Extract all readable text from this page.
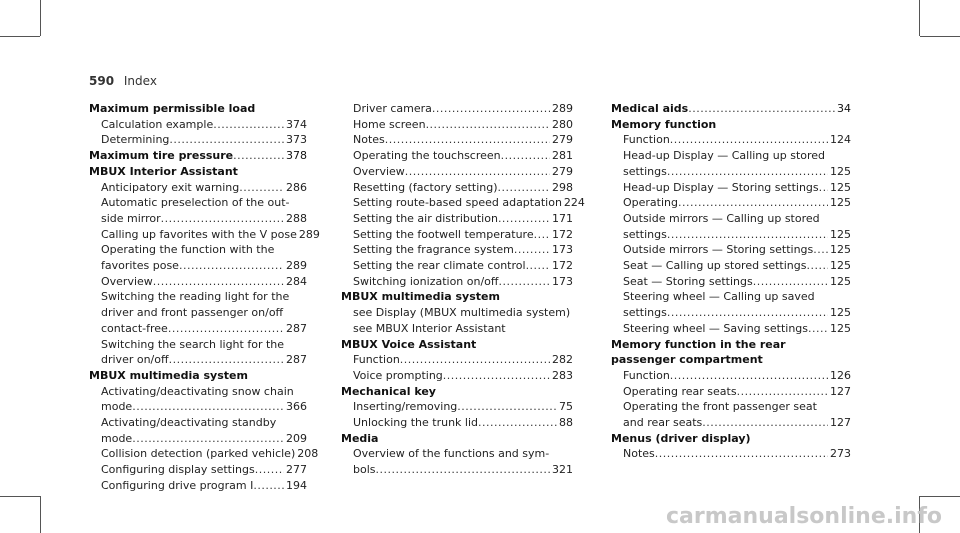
590 Index
Maximum permissible load
Calculation example .....	374
Determining .....	373
Maximum tire pressure .....	378
MBUX Interior Assistant
Anticipatory exit warning .....	286
Automatic preselection of the out-
side mirror .....	288
Calling up favorites with the V pose 289
Operating the function with the
favorites pose .....	289
Overview .....	284
Switching the reading light for the
driver and front passenger on/off
contact-free .....	287
Switching the search light for the
driver on/off .....	287
MBUX multimedia system
Activating/deactivating snow chain
mode .....	366
Activating/deactivating standby
mode .....	209
Collision detection (parked vehicle) 208
Configuring display settings .....	277
Configuring drive program I .....	194
Driver camera .....	289
Home screen .....	280
Notes .....	279
Operating the touchscreen .....	281
Overview .....	279
Resetting (factory setting) .....	298
Setting route-based speed adaptation 224
Setting the air distribution .....	171
Setting the footwell temperature ..... 172
Setting the fragrance system .....	173
Setting the rear climate control ..... 172
Switching ionization on/off .....	173
MBUX multimedia system
see Display (MBUX multimedia system)
see MBUX Interior Assistant
MBUX Voice Assistant
Function .....	282
Voice prompting .....	283
Mechanical key
Inserting/removing .....	75
Unlocking the trunk lid .....	88
Media
Overview of the functions and sym-
bols .....	321
Medical aids .....	34
Memory function
Function .....	124
Head-up Display — Calling up stored
settings .....	125
Head-up Display — Storing settings ..... 125
Operating .....	125
Outside mirrors — Calling up stored
settings .....	125
Outside mirrors — Storing settings ..... 125
Seat — Calling up stored settings ..... 125
Seat — Storing settings .....	125
Steering wheel — Calling up saved
settings .....	125
Steering wheel — Saving settings ..... 125
Memory function in the rear
passenger compartment
Function .....	126
Operating rear seats .....	127
Operating the front passenger seat
and rear seats .....	127
Menus (driver display)
Notes .....	273
carmanualsonline.info
